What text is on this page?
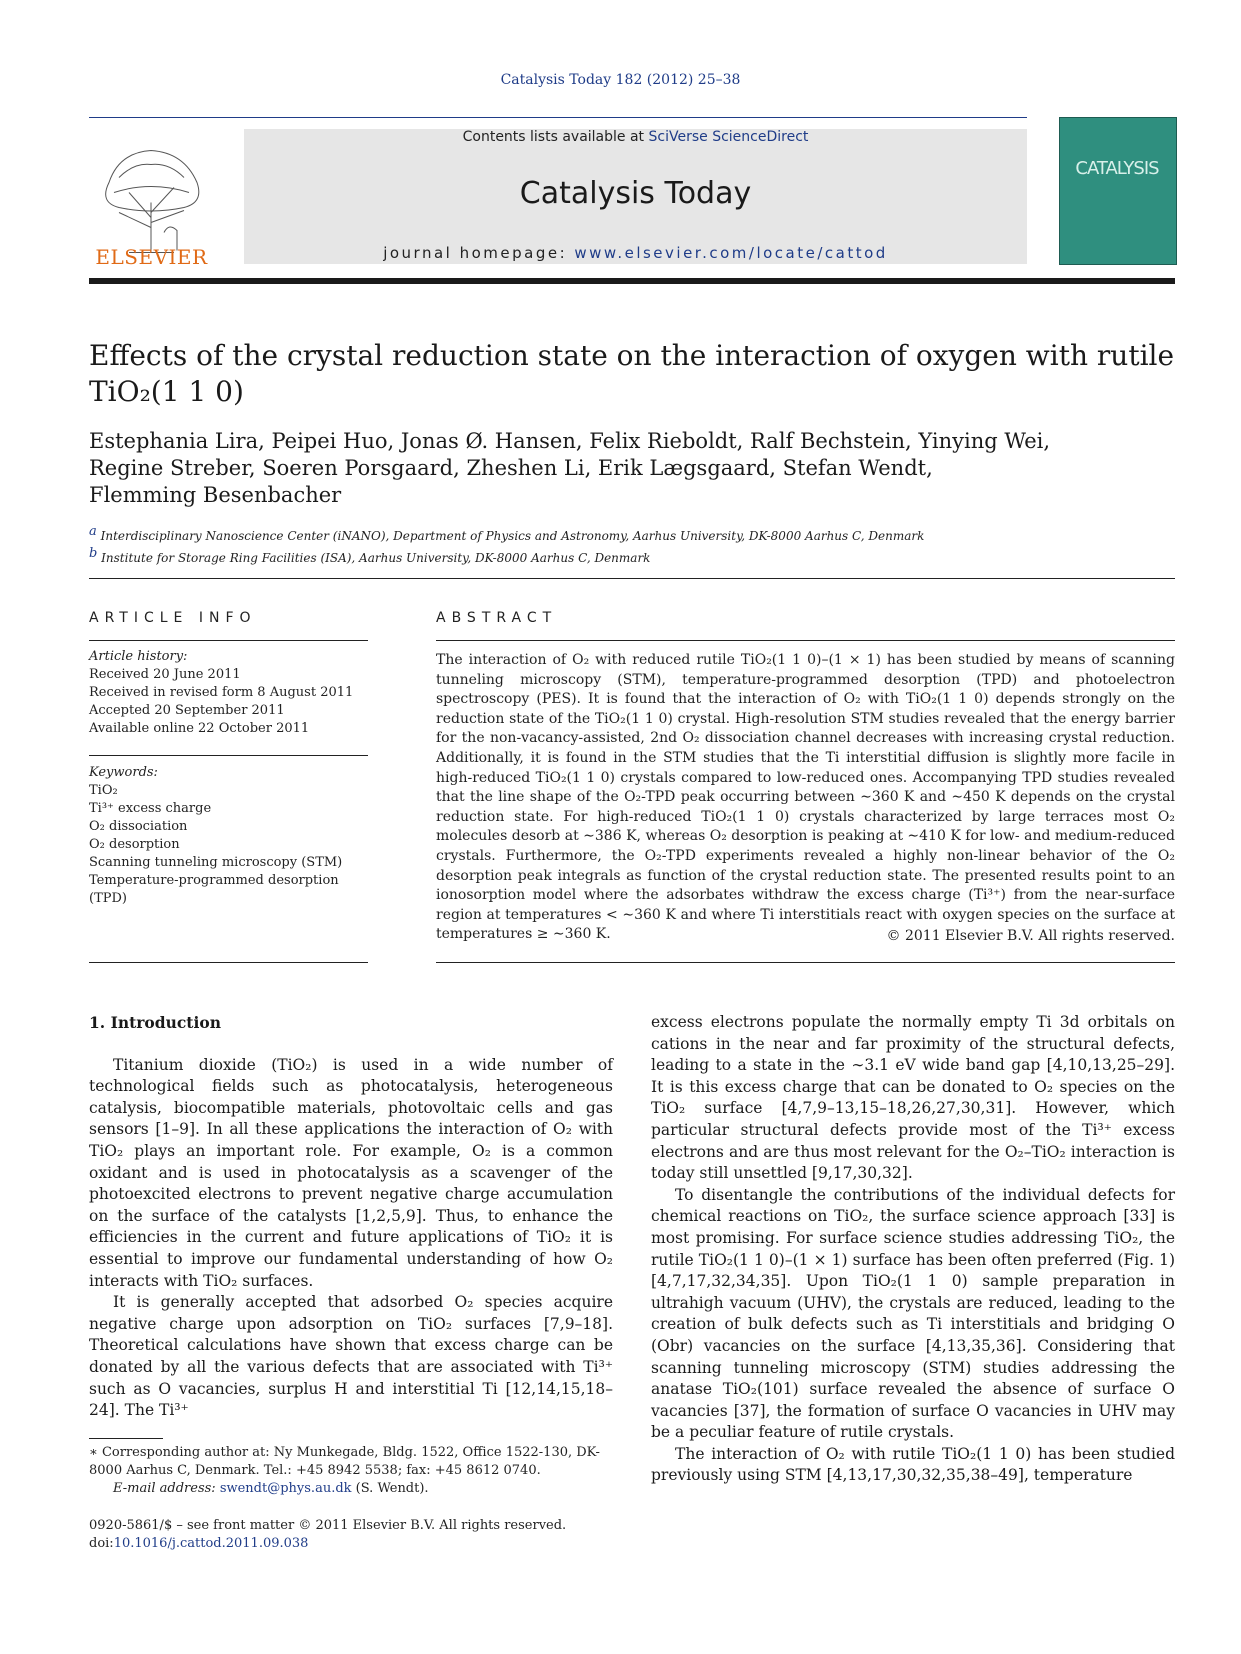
Catalysis Today 182 (2012) 25–38
ELSEVIER
Contents lists available at SciVerse ScienceDirect
Catalysis Today
journal homepage: www.elsevier.com/locate/cattod
CATALYSIS
Effects of the crystal reduction state on the interaction of oxygen with rutile TiO₂(1 1 0)
Estephania Lira, Peipei Huo, Jonas Ø. Hansen, Felix Rieboldt, Ralf Bechstein, Yinying Wei,
Regine Streber, Soeren Porsgaard, Zheshen Li, Erik Lægsgaard, Stefan Wendt,
Flemming Besenbacher
$^a$ Interdisciplinary Nanoscience Center (iNANO), Department of Physics and Astronomy, Aarhus University, DK-8000 Aarhus C, Denmark
$^b$ Institute for Storage Ring Facilities (ISA), Aarhus University, DK-8000 Aarhus C, Denmark
ARTICLE INFO	ABSTRACT
Article history:
Received 20 June 2011
Received in revised form 8 August 2011
Accepted 20 September 2011
Available online 22 October 2011
Keywords:
TiO₂
Ti³⁺ excess charge
O₂ dissociation
O₂ desorption
Scanning tunneling microscopy (STM)
Temperature-programmed desorption
(TPD)
The interaction of O₂ with reduced rutile TiO₂(1 1 0)–(1 × 1) has been studied by means of scanning tunneling microscopy (STM), temperature-programmed desorption (TPD) and photoelectron spectroscopy (PES). It is found that the interaction of O₂ with TiO₂(1 1 0) depends strongly on the reduction state of the TiO₂(1 1 0) crystal. High-resolution STM studies revealed that the energy barrier for the non-vacancy-assisted, 2nd O₂ dissociation channel decreases with increasing crystal reduction. Additionally, it is found in the STM studies that the Ti interstitial diffusion is slightly more facile in high-reduced TiO₂(1 1 0) crystals compared to low-reduced ones. Accompanying TPD studies revealed that the line shape of the O₂-TPD peak occurring between ∼360 K and ∼450 K depends on the crystal reduction state. For high-reduced TiO₂(1 1 0) crystals characterized by large terraces most O₂ molecules desorb at ∼386 K, whereas O₂ desorption is peaking at ∼410 K for low- and medium-reduced crystals. Furthermore, the O₂-TPD experiments revealed a highly non-linear behavior of the O₂ desorption peak integrals as function of the crystal reduction state. The presented results point to an ionosorption model where the adsorbates withdraw the excess charge (Ti³⁺) from the near-surface region at temperatures < ∼360 K and where Ti interstitials react with oxygen species on the surface at temperatures ≥ ∼360 K.	© 2011 Elsevier B.V. All rights reserved.
1. Introduction

Titanium dioxide (TiO₂) is used in a wide number of technological fields such as photocatalysis, heterogeneous catalysis, biocompatible materials, photovoltaic cells and gas sensors [1–9]. In all these applications the interaction of O₂ with TiO₂ plays an important role. For example, O₂ is a common oxidant and is used in photocatalysis as a scavenger of the photoexcited electrons to prevent negative charge accumulation on the surface of the catalysts [1,2,5,9]. Thus, to enhance the efficiencies in the current and future applications of TiO₂ it is essential to improve our fundamental understanding of how O₂ interacts with TiO₂ surfaces.

It is generally accepted that adsorbed O₂ species acquire negative charge upon adsorption on TiO₂ surfaces [7,9–18]. Theoretical calculations have shown that excess charge can be donated by all the various defects that are associated with Ti³⁺ such as O vacancies, surplus H and interstitial Ti [12,14,15,18–24]. The Ti³⁺

excess electrons populate the normally empty Ti 3d orbitals on cations in the near and far proximity of the structural defects, leading to a state in the ∼3.1 eV wide band gap [4,10,13,25–29]. It is this excess charge that can be donated to O₂ species on the TiO₂ surface [4,7,9–13,15–18,26,27,30,31]. However, which particular structural defects provide most of the Ti³⁺ excess electrons and are thus most relevant for the O₂–TiO₂ interaction is today still unsettled [9,17,30,32].

To disentangle the contributions of the individual defects for chemical reactions on TiO₂, the surface science approach [33] is most promising. For surface science studies addressing TiO₂, the rutile TiO₂(1 1 0)–(1 × 1) surface has been often preferred (Fig. 1) [4,7,17,32,34,35]. Upon TiO₂(1 1 0) sample preparation in ultrahigh vacuum (UHV), the crystals are reduced, leading to the creation of bulk defects such as Ti interstitials and bridging O (Obr) vacancies on the surface [4,13,35,36]. Considering that scanning tunneling microscopy (STM) studies addressing the anatase TiO₂(101) surface revealed the absence of surface O vacancies [37], the formation of surface O vacancies in UHV may be a peculiar feature of rutile crystals.

The interaction of O₂ with rutile TiO₂(1 1 0) has been studied previously using STM [4,13,17,30,32,35,38–49], temperature

∗ Corresponding author at: Ny Munkegade, Bldg. 1522, Office 1522-130, DK-8000 Aarhus C, Denmark. Tel.: +45 8942 5538; fax: +45 8612 0740.
E-mail address: swendt@phys.au.dk (S. Wendt).
0920-5861/$ – see front matter © 2011 Elsevier B.V. All rights reserved.
doi:10.1016/j.cattod.2011.09.038
